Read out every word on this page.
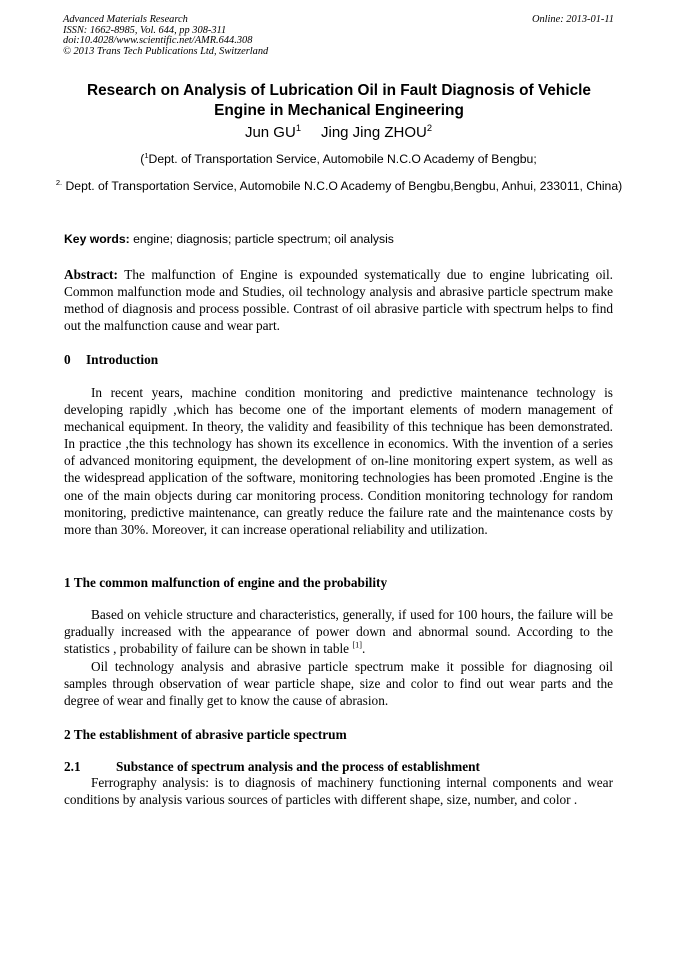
Advanced Materials Research
ISSN: 1662-8985, Vol. 644, pp 308-311
doi:10.4028/www.scientific.net/AMR.644.308
© 2013 Trans Tech Publications Ltd, Switzerland
Online: 2013-01-11
Research on Analysis of Lubrication Oil in Fault Diagnosis of Vehicle
Engine in Mechanical Engineering
Jun $GU^1$ Jing Jing ZHOU$^2$
($^1$Dept. of Transportation Service, Automobile N.C.O Academy of Bengbu;
$^{2.}$ Dept. of Transportation Service, Automobile N.C.O Academy of Bengbu,Bengbu, Anhui, 233011, China)
Key words: engine; diagnosis; particle spectrum; oil analysis
Abstract: The malfunction of Engine is expounded systematically due to engine lubricating oil. Common malfunction mode and Studies, oil technology analysis and abrasive particle spectrum make method of diagnosis and process possible. Contrast of oil abrasive particle with spectrum helps to find out the malfunction cause and wear part.
0 Introduction
In recent years, machine condition monitoring and predictive maintenance technology is developing rapidly ,which has become one of the important elements of modern management of mechanical equipment. In theory, the validity and feasibility of this technique has been demonstrated. In practice ,the this technology has shown its excellence in economics. With the invention of a series of advanced monitoring equipment, the development of on-line monitoring expert system, as well as the widespread application of the software, monitoring technologies has been promoted .Engine is the one of the main objects during car monitoring process. Condition monitoring technology for random monitoring, predictive maintenance, can greatly reduce the failure rate and the maintenance costs by more than 30%. Moreover, it can increase operational reliability and utilization.
1 The common malfunction of engine and the probability
Based on vehicle structure and characteristics, generally, if used for 100 hours, the failure will be gradually increased with the appearance of power down and abnormal sound. According to the statistics , probability of failure can be shown in table [1].
Oil technology analysis and abrasive particle spectrum make it possible for diagnosing oil samples through observation of wear particle shape, size and color to find out wear parts and the degree of wear and finally get to know the cause of abrasion.
2 The establishment of abrasive particle spectrum
2.1	Substance of spectrum analysis and the process of establishment
Ferrography analysis: is to diagnosis of machinery functioning internal components and wear conditions by analysis various sources of particles with different shape, size, number, and color .
